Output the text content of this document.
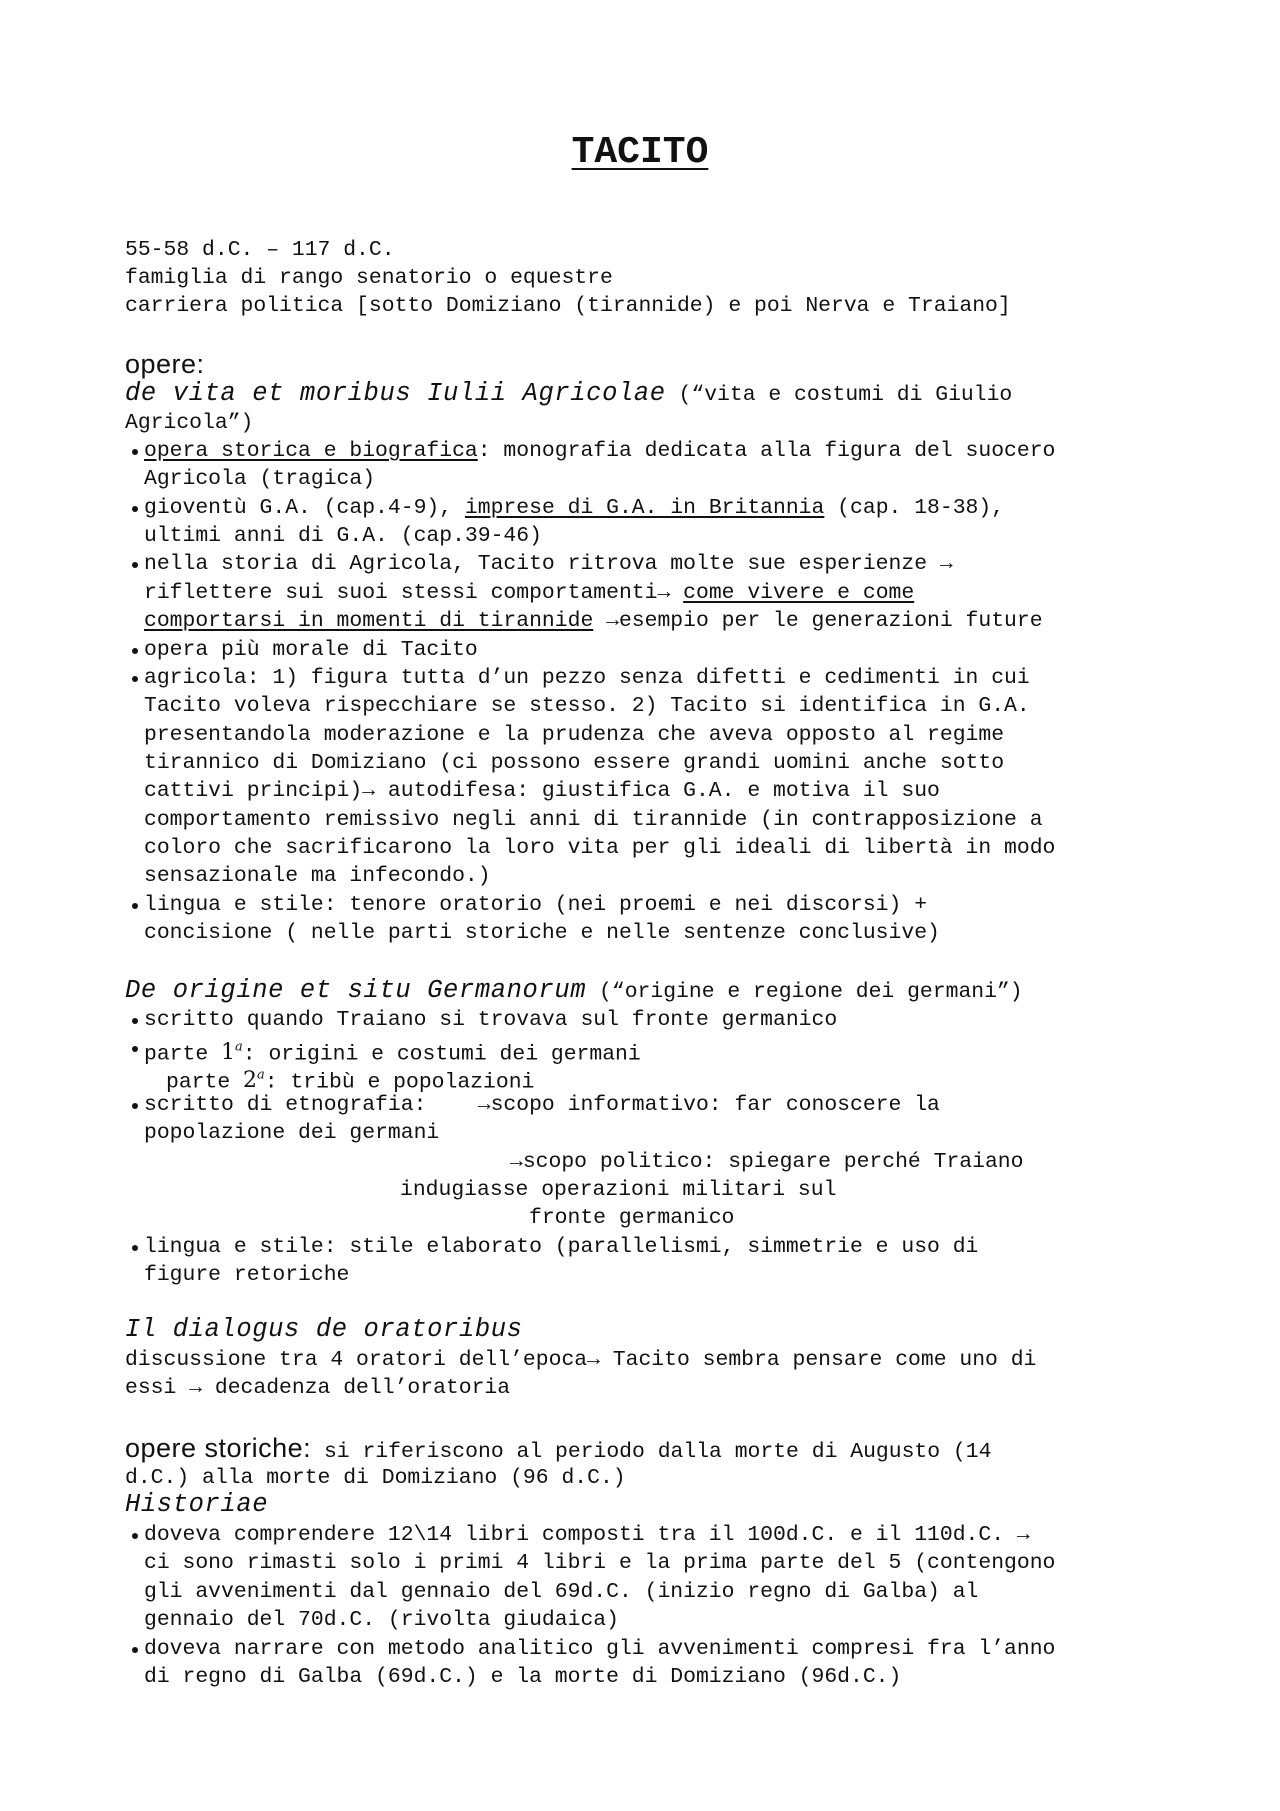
TACITO
55-58 d.C. – 117 d.C.
famiglia di rango senatorio o equestre
carriera politica [sotto Domiziano (tirannide) e poi Nerva e Traiano]
opere:
de vita et moribus Iulii Agricolae (“vita e costumi di Giulio
Agricola”)
opera storica e biografica: monografia dedicata alla figura del suocero
Agricola (tragica)
gioventù G.A. (cap.4-9), imprese di G.A. in Britannia (cap. 18-38),
ultimi anni di G.A. (cap.39-46)
nella storia di Agricola, Tacito ritrova molte sue esperienze →
riflettere sui suoi stessi comportamenti→ come vivere e come
comportarsi in momenti di tirannide →esempio per le generazioni future
opera più morale di Tacito
agricola: 1) figura tutta d’un pezzo senza difetti e cedimenti in cui
Tacito voleva rispecchiare se stesso. 2) Tacito si identifica in G.A.
presentandola moderazione e la prudenza che aveva opposto al regime
tirannico di Domiziano (ci possono essere grandi uomini anche sotto
cattivi principi)→ autodifesa: giustifica G.A. e motiva il suo
comportamento remissivo negli anni di tirannide (in contrapposizione a
coloro che sacrificarono la loro vita per gli ideali di libertà in modo
sensazionale ma infecondo.)
lingua e stile: tenore oratorio (nei proemi e nei discorsi) +
concisione ( nelle parti storiche e nelle sentenze conclusive)
De origine et situ Germanorum (“origine e regione dei germani”)
scritto quando Traiano si trovava sul fronte germanico
parte 1$^a$: origini e costumi dei germani
parte 2$^a$: tribù e popolazioni
scritto di etnografia:    →scopo informativo: far conoscere la
popolazione dei germani
→scopo politico: spiegare perché Traiano
indugiasse operazioni militari sul
fronte germanico
lingua e stile: stile elaborato (parallelismi, simmetrie e uso di
figure retoriche
Il dialogus de oratoribus
discussione tra 4 oratori dell’epoca→ Tacito sembra pensare come uno di
essi → decadenza dell’oratoria
opere storiche: si riferiscono al periodo dalla morte di Augusto (14
d.C.) alla morte di Domiziano (96 d.C.)
Historiae
doveva comprendere 12\14 libri composti tra il 100d.C. e il 110d.C. →
ci sono rimasti solo i primi 4 libri e la prima parte del 5 (contengono
gli avvenimenti dal gennaio del 69d.C. (inizio regno di Galba) al
gennaio del 70d.C. (rivolta giudaica)
doveva narrare con metodo analitico gli avvenimenti compresi fra l’anno
di regno di Galba (69d.C.) e la morte di Domiziano (96d.C.)
